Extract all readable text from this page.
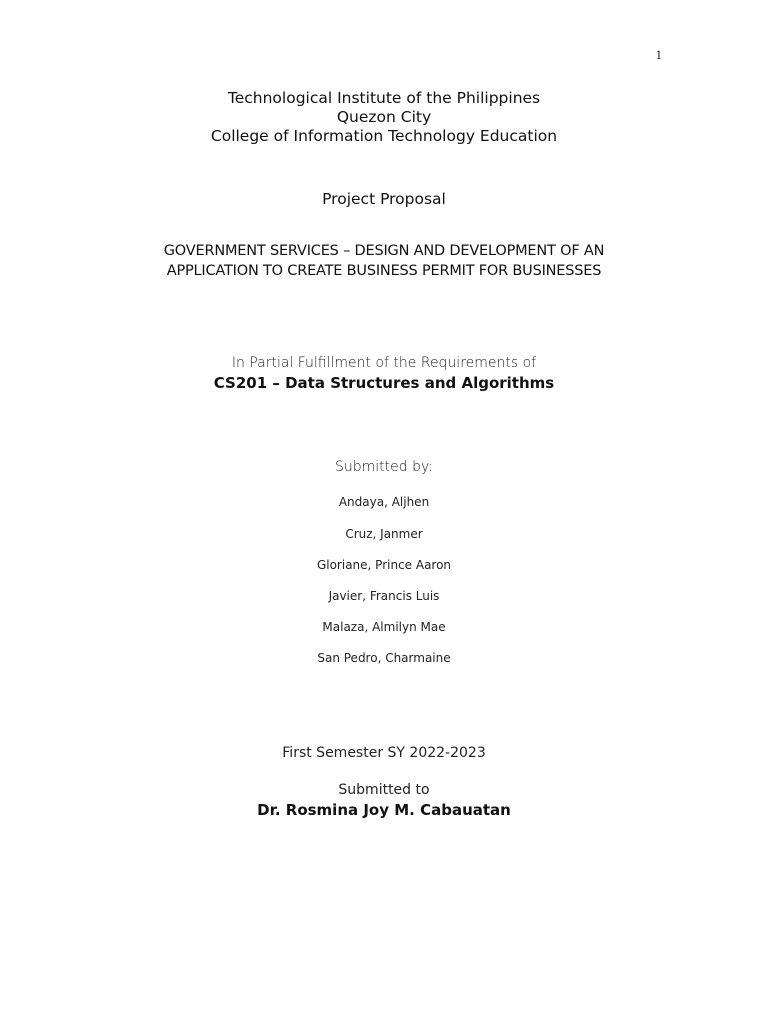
1
Technological Institute of the Philippines
Quezon City
College of Information Technology Education
Project Proposal
GOVERNMENT SERVICES – DESIGN AND DEVELOPMENT OF AN
APPLICATION TO CREATE BUSINESS PERMIT FOR BUSINESSES
In Partial Fulfillment of the Requirements of
CS201 – Data Structures and Algorithms
Submitted by:
Andaya, Aljhen
Cruz, Janmer
Gloriane, Prince Aaron
Javier, Francis Luis
Malaza, Almilyn Mae
San Pedro, Charmaine
First Semester SY 2022-2023
Submitted to
Dr. Rosmina Joy M. Cabauatan
